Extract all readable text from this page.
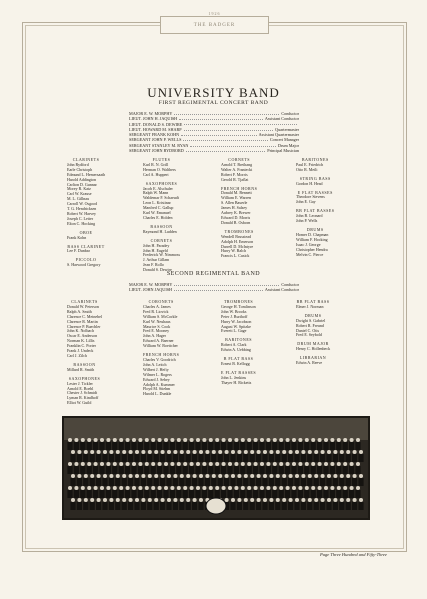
1926
THE BADGER
UNIVERSITY BAND
FIRST REGIMENTAL CONCERT BAND
MAJOR E. W. MORPHY	Conductor
LIEUT. JOHN H. JAQUISH	Assistant Conductor
LIEUT. DONALD S. DEWIRE
LIEUT. HOWARD M. SHARP	Quartermaster
SERGEANT FRANK KOHN	Assistant Quartermaster
SERGEANT JOHN P. WELLS	Concert Manager
SERGEANT STANLEY M. RYAN	Drum Major
SERGEANT JOHN RYDBORD	Principal Musician
CLARINETS
John Rydford
Earle Christoph
Edmund L. Hemersaath
Harold Addington
Carlton D. Gunnar
Morey R. Katz
Carl W. Krause
M. L. Gillnau
Carroll W. Osgood
T. G. Hendricksen
Robert W. Harvey
Joseph C. Letter
Elton C. Hocking
OBOE
Frank Kohn
BASS CLARINET
Lee F. Dunbar
PICCOLO
S. Harwood Gregory
FLUTES
Karl R. N. Grill
Herman O. Walthers
Carl A. Huppert
SAXOPHONES
Jacob E. Alschuler
Ralph W. Mann
Waldemar F. Schaeudt
Leon L. Kristinar
Manfred C. Gallup
Karl W. Emanuel
Charles E. Holden
BASSOON
Raymond H. Ludden
CORNETS
John H. Paradey
John H. Eugeld
Frederick W. Nimmoss
J. Arthur Gillam
Jean F. Rollo
Donald S. Dewire
CORNETS
Arnold T. Breihang
Walter A. Franiecki
Robert F. Morris
Gerold R. Tjaflat
FRENCH HORNS
Donald M. Bennett
William E. Warren
S. Allen Bauerle
James H. Salsey
Aubrey K. Brewer
Edward D. Morris
Donald B. Osborn
TROMBONES
Wendell Brusstead
Adolph H. Emerson
Darrell D. McIntyre
Harry W. Balch
Francis L. Cusick
BARITONES
Paul E. Friedrich
Otto R. Meili
STRING BASS
Gordon H. Head
E FLAT BASSES
Theodore Stevens
John E. Gay
BB FLAT BASSES
John B. Leonard
John P. Wells
DRUMS
Homer D. Chapman
William F. Hocking
Isaac J. George
Christopher Hendra
Melvin C. Pierce
SECOND REGIMENTAL BAND
MAJOR E. W. MORPHY	Conductor
LIEUT. JOHN JAQUISH	Assistant Conductor
CLARINETS
Donald W. Peterson
Ralph A. Smith
Clarence C. Meinebel
Clarence R. Martin
Clarence P. Buechler
John K. Nolbach
Oscar E. Anderson
Norman K. Lillis
Franklin C. Porter
Frank J. Undeck
Carl J. Zilch
BASSOON
Millard R. Smith
SAXOPHONES
Lester J. Tickler
Arnold E. Boehl
Chester J. Schmidt
Lyman R. Kindhoff
Elliot W. Guild
CORONETS
Charles A. James
Fred R. Liovick
William S. McCorkle
Karl W. Neuhaus
Maurice S. Cook
Fred E. Mooney
John A. Hager
Edward A. Baerner
William W. Boettcher
FRENCH HORNS
Charles V. Goodrich
John A. Leitch
Wilbert J. Hefty
Wilmer L. Rogers
Edward J. Sebey
Adolph A. Kummer
Floyd M. Stiehm
Harold L. Dunkle
TROMBONES
George H. Tomlinson
John W. Brooks
Peter J. Burthoff
Harry W. Jacobson
August W. Spitzke
Everett L. Gage
BARITONES
Robert A. Clark
Edwin A. Uebbing
B FLAT BASS
Ernest B. Kellogg
E FLAT BASSES
John L. Jenkins
Thayer H. Ricketts
BB FLAT BASS
Elmer J. Norman
DRUMS
Dwight S. Gabriel
Robert R. Freund
Daniel C. Otis
Fred E. Seybold
DRUM MAJOR
Henry C. Hollenbeck
LIBRARIAN
Edwin A. Reeve
Page Three Hundred and Fifty-Three
